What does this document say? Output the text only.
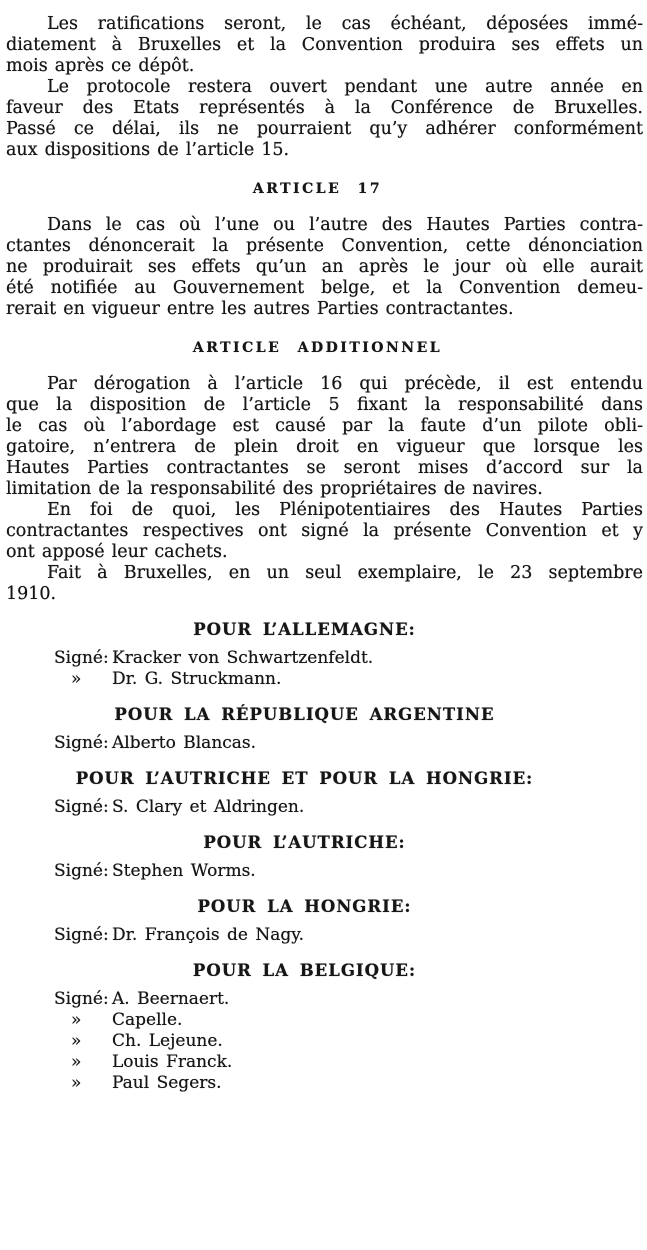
Les ratifications seront, le cas échéant, déposées immé-
diatement à Bruxelles et la Convention produira ses effets un
mois après ce dépôt.
Le protocole restera ouvert pendant une autre année en
faveur des Etats représentés à la Conférence de Bruxelles.
Passé ce délai, ils ne pourraient qu’y adhérer conformément
aux dispositions de l’article 15.
ARTICLE 17
Dans le cas où l’une ou l’autre des Hautes Parties contra-
ctantes dénoncerait la présente Convention, cette dénonciation
ne produirait ses effets qu’un an après le jour où elle aurait
été notifiée au Gouvernement belge, et la Convention demeu-
rerait en vigueur entre les autres Parties contractantes.
ARTICLE ADDITIONNEL
Par dérogation à l’article 16 qui précède, il est entendu
que la disposition de l’article 5 fixant la responsabilité dans
le cas où l’abordage est causé par la faute d’un pilote obli-
gatoire, n’entrera de plein droit en vigueur que lorsque les
Hautes Parties contractantes se seront mises d’accord sur la
limitation de la responsabilité des propriétaires de navires.
En foi de quoi, les Plénipotentiaires des Hautes Parties
contractantes respectives ont signé la présente Convention et y
ont apposé leur cachets.
Fait à Bruxelles, en un seul exemplaire, le 23 septembre
1910.
POUR L’ALLEMAGNE:
Signé: Kracker von Schwartzenfeldt.
»	Dr. G. Struckmann.
POUR LA RÉPUBLIQUE ARGENTINE
Signé: Alberto Blancas.
POUR L’AUTRICHE ET POUR LA HONGRIE:
Signé: S. Clary et Aldringen.
POUR L’AUTRICHE:
Signé: Stephen Worms.
POUR LA HONGRIE:
Signé: Dr. François de Nagy.
POUR LA BELGIQUE:
Signé: A. Beernaert.
»	Capelle.
»	Ch. Lejeune.
»	Louis Franck.
»	Paul Segers.
